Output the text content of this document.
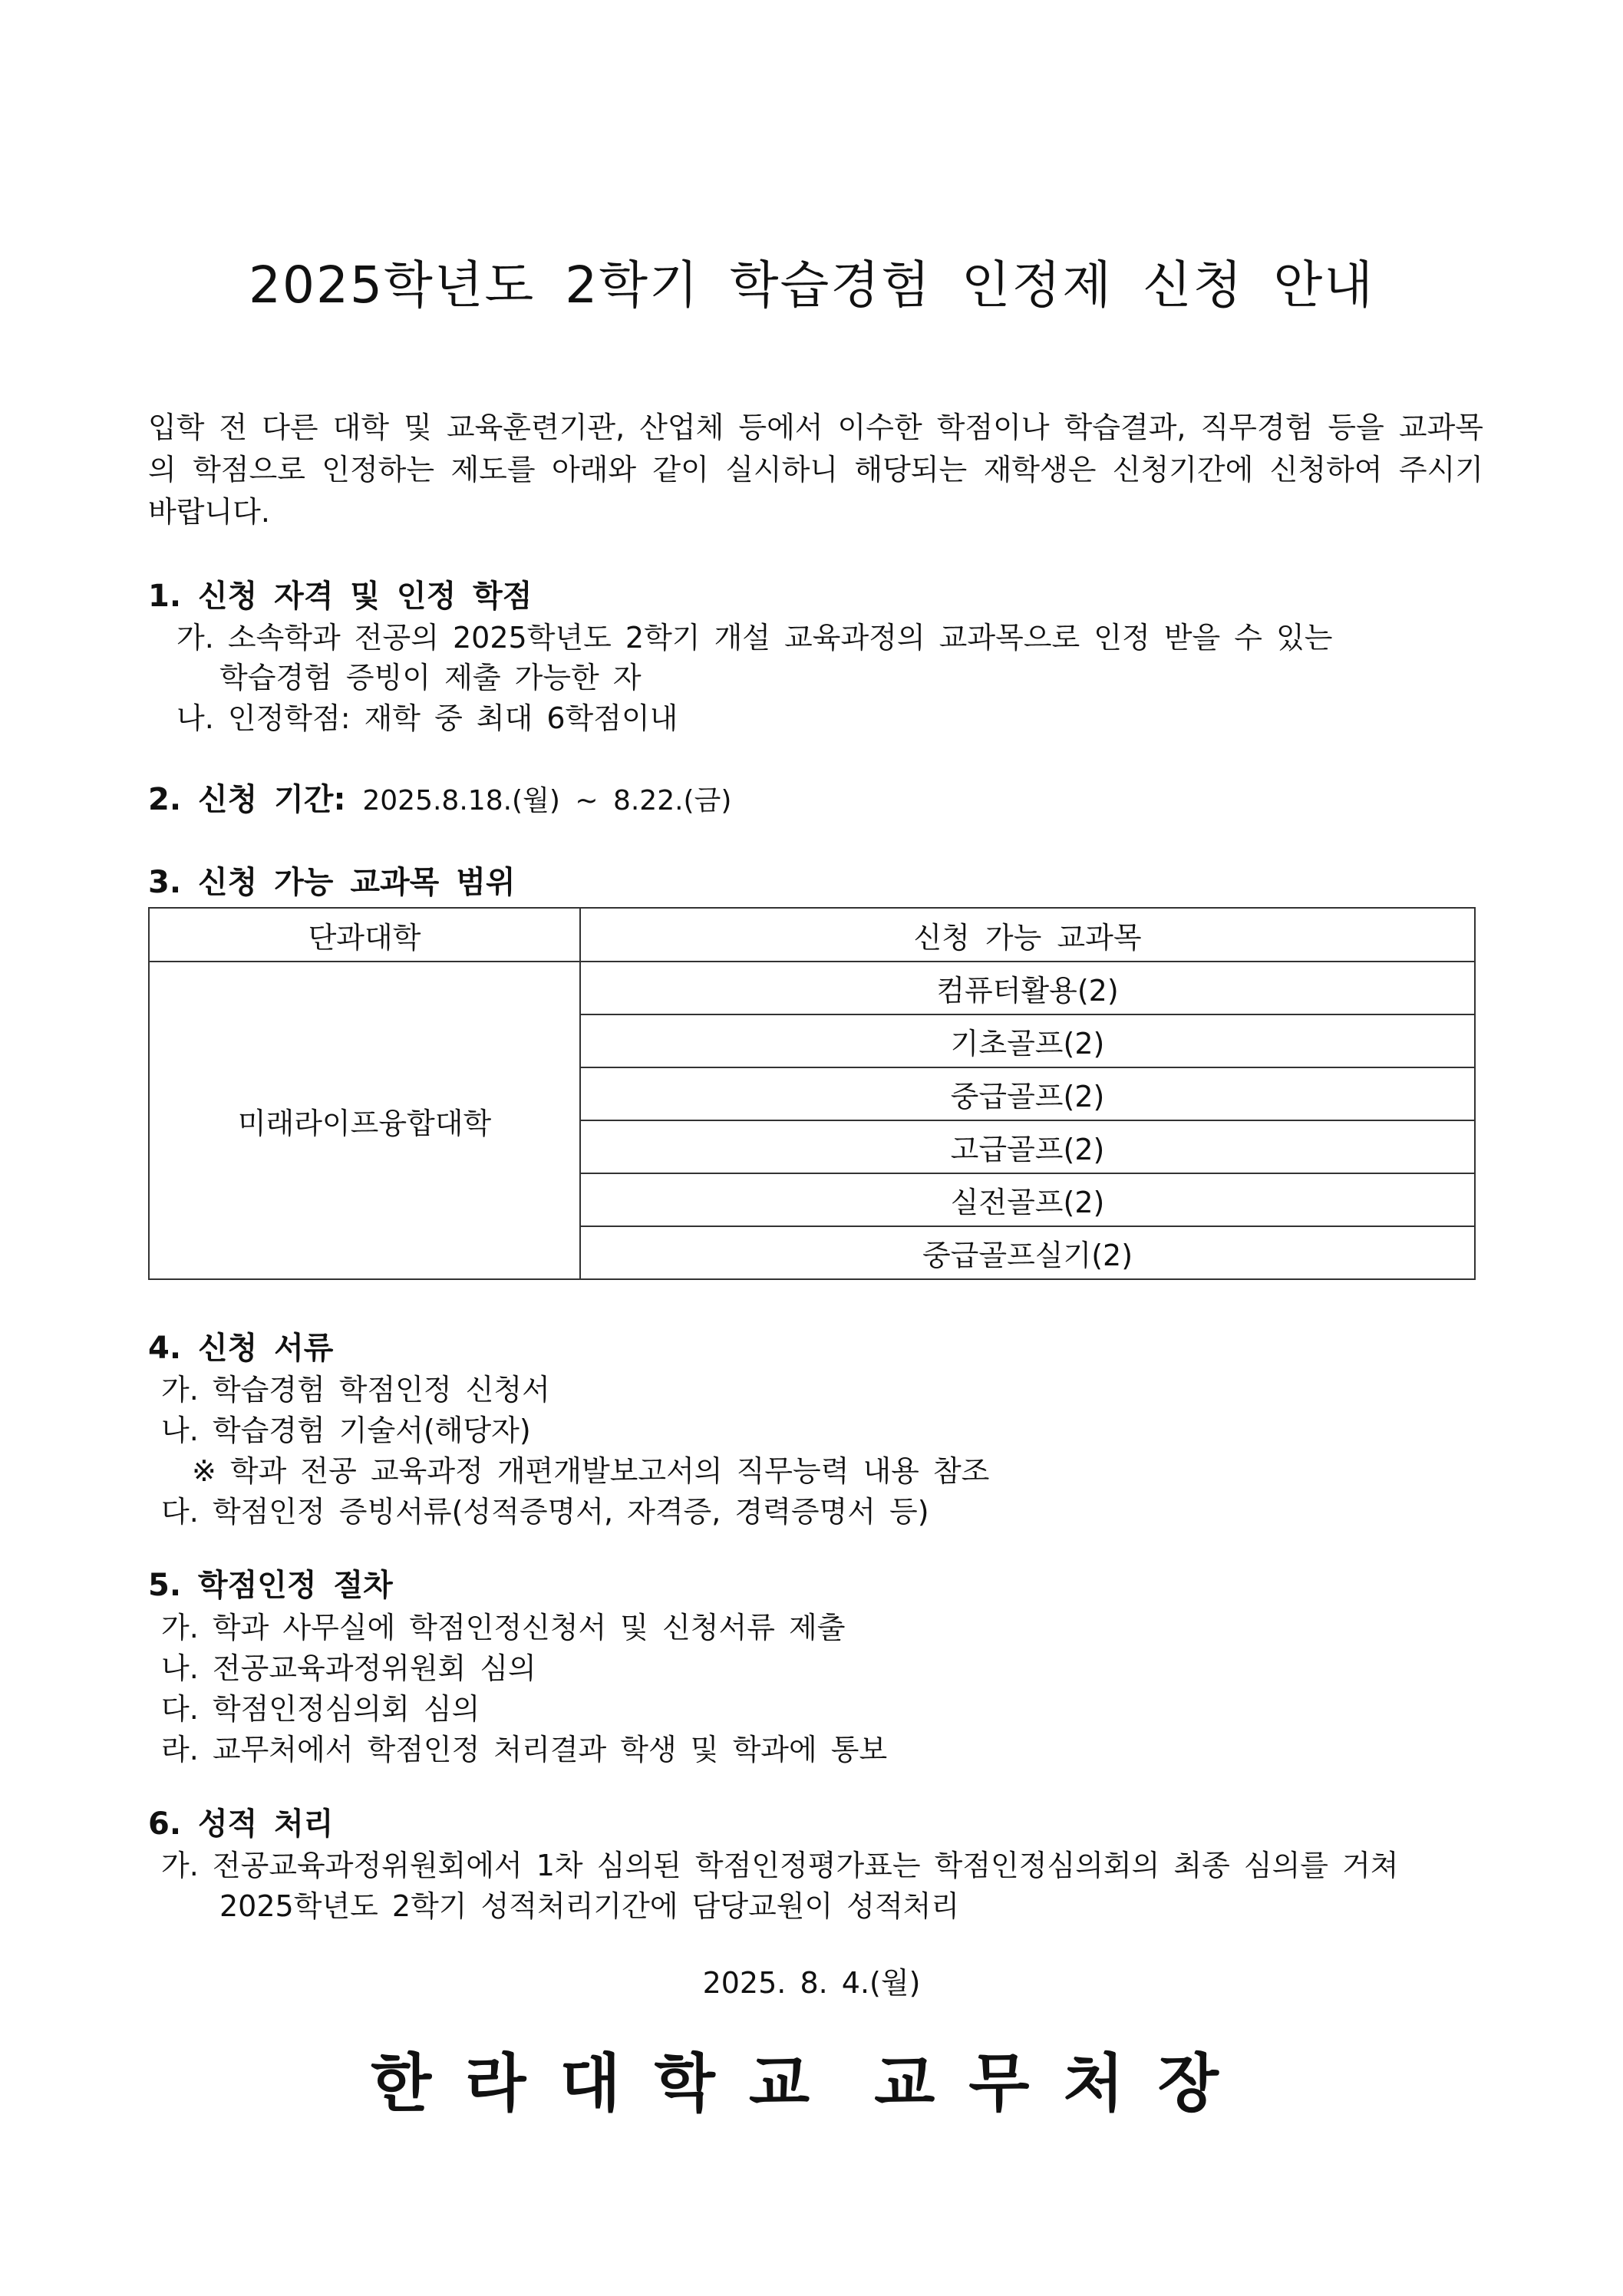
2025학년도 2학기 학습경험 인정제 신청 안내
입학 전 다른 대학 및 교육훈련기관, 산업체 등에서 이수한 학점이나 학습결과, 직무경험 등을 교과목의 학점으로 인정하는 제도를 아래와 같이 실시하니 해당되는 재학생은 신청기간에 신청하여 주시기 바랍니다.
1. 신청 자격 및 인정 학점
가. 소속학과 전공의 2025학년도 2학기 개설 교육과정의 교과목으로 인정 받을 수 있는
학습경험 증빙이 제출 가능한 자
나. 인정학점: 재학 중 최대 6학점이내
2. 신청 기간: 2025.8.18.(월) ~ 8.22.(금)
3. 신청 가능 교과목 범위
단과대학	신청 가능 교과목
미래라이프융합대학	컴퓨터활용(2)
	기초골프(2)
	중급골프(2)
	고급골프(2)
	실전골프(2)
	중급골프실기(2)
4. 신청 서류
가. 학습경험 학점인정 신청서
나. 학습경험 기술서(해당자)
※ 학과 전공 교육과정 개편개발보고서의 직무능력 내용 참조
다. 학점인정 증빙서류(성적증명서, 자격증, 경력증명서 등)
5. 학점인정 절차
가. 학과 사무실에 학점인정신청서 및 신청서류 제출
나. 전공교육과정위원회 심의
다. 학점인정심의회 심의
라. 교무처에서 학점인정 처리결과 학생 및 학과에 통보
6. 성적 처리
가. 전공교육과정위원회에서 1차 심의된 학점인정평가표는 학점인정심의회의 최종 심의를 거쳐
2025학년도 2학기 성적처리기간에 담당교원이 성적처리
2025. 8. 4.(월)
한라대학교 교무처장
